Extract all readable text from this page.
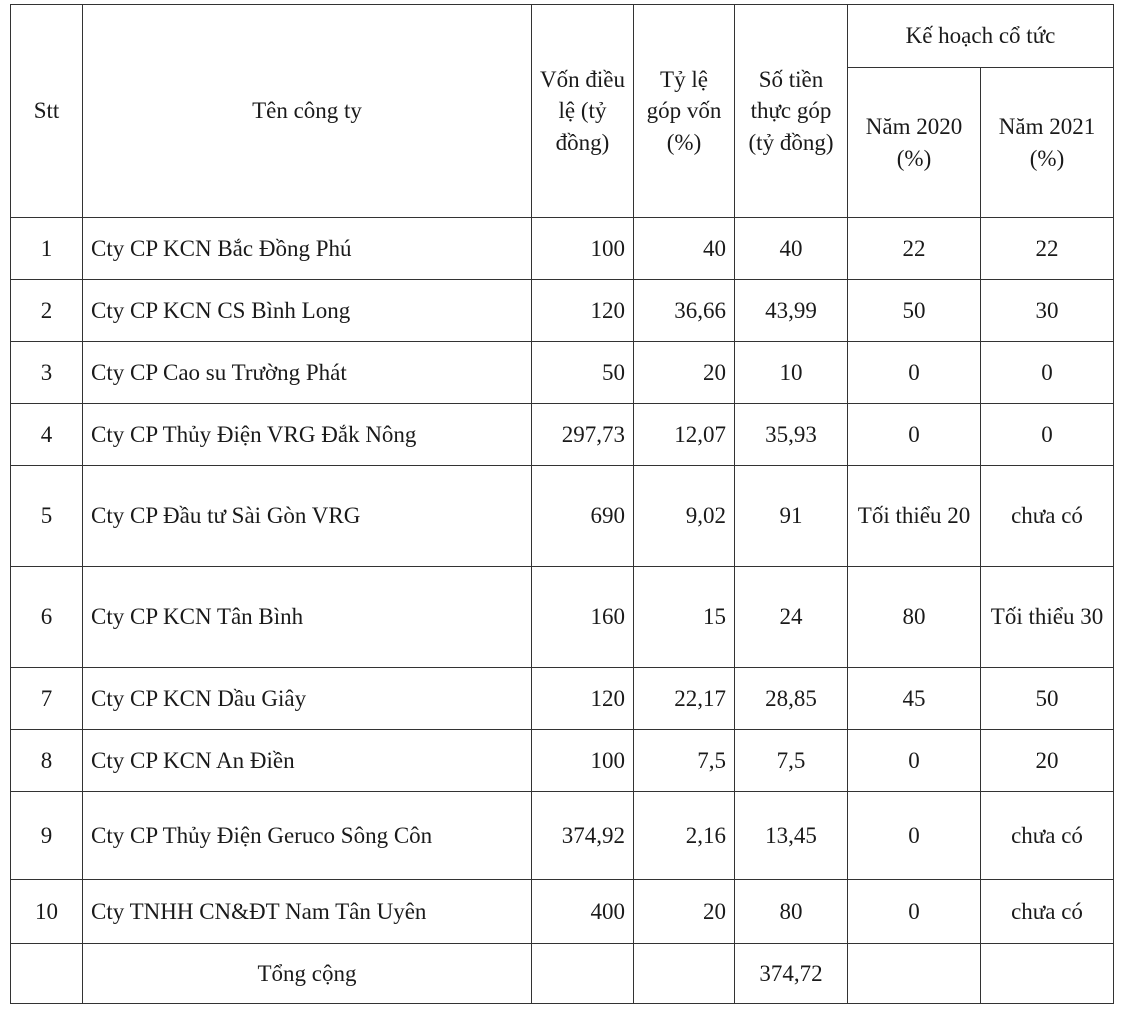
Stt	Tên công ty	Vốn điều lệ (tỷ đồng)	Tỷ lệ góp vốn (%)	Số tiền thực góp (tỷ đồng)	Kế hoạch cổ tức	
					Năm 2020 (%)	Năm 2021 (%)
1	Cty CP KCN Bắc Đồng Phú	100	40	40	22	22
2	Cty CP KCN CS Bình Long	120	36,66	43,99	50	30
3	Cty CP Cao su Trường Phát	50	20	10	0	0
4	Cty CP Thủy Điện VRG Đắk Nông	297,73	12,07	35,93	0	0
5	Cty CP Đầu tư Sài Gòn VRG	690	9,02	91	Tối thiểu 20	chưa có
6	Cty CP KCN Tân Bình	160	15	24	80	Tối thiểu 30
7	Cty CP KCN Dầu Giây	120	22,17	28,85	45	50
8	Cty CP KCN An Điền	100	7,5	7,5	0	20
9	Cty CP Thủy Điện Geruco Sông Côn	374,92	2,16	13,45	0	chưa có
10	Cty TNHH CN&ĐT Nam Tân Uyên	400	20	80	0	chưa có
	Tổng cộng			374,72		
